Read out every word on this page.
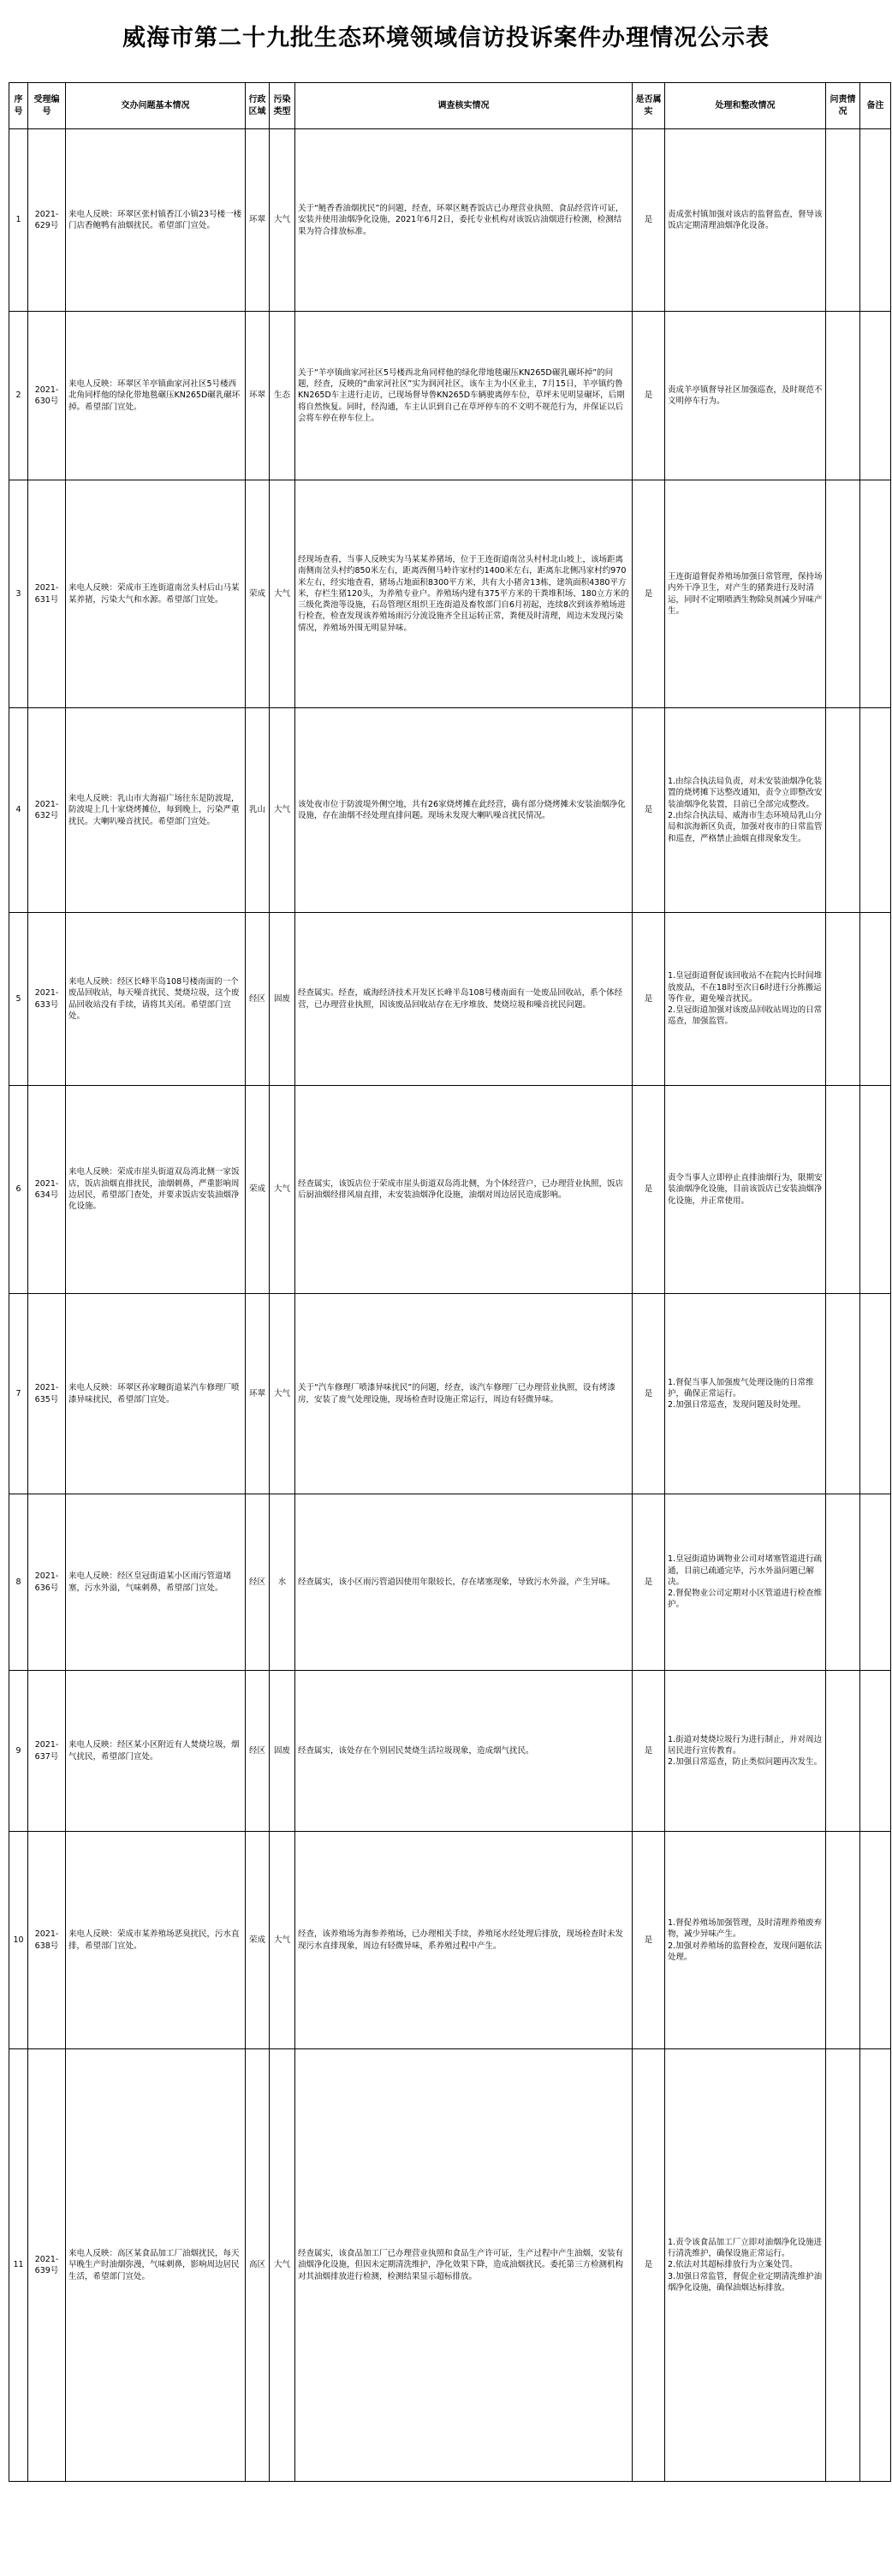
威海市第二十九批生态环境领域信访投诉案件办理情况公示表
序号	受理编号	交办问题基本情况	行政区域	污染类型	调查核实情况	是否属实	处理和整改情况	问责情况	备注
1	2021-629号	来电人反映：环翠区张村镇香江小镇23号楼一楼门店香鲍鸭有油烟扰民。希望部门宣处。	环翠	大气	关于“鲢香香油烟扰民”的问题，经查，环翠区鲢香饭店已办理营业执照、食品经营许可证，安装并使用油烟净化设施，2021年6月2日，委托专业机构对该饭店油烟进行检测，检测结果为符合排放标准。	是	责成张村镇加强对该店的监督监查，督导该饭店定期清理油烟净化设备。		
2	2021-630号	来电人反映：环翠区羊亭镇曲家河社区5号楼西北角同样他的绿化带地毯碾压KN265D碾乳碾坏掉。希望部门宣处。	环翠	生态	关于“羊亭镇曲家河社区5号楼西北角同样他的绿化带地毯碾压KN265D碾乳碾坏掉”的问题，经查，反映的“曲家河社区”实为润河社区，该车主为小区业主，7月15日，羊亭镇约鲁KN265D车主进行走访，已现场督导鲁KN265D车辆驶离停车位，草坪未见明显碾坏，后期将自然恢复。同时，经沟通，车主认识到自己在草坪停车的不文明不规范行为，并保证以后会将车停在停车位上。	是	责成羊亭镇督导社区加强巡查，及时规范不文明停车行为。		
3	2021-631号	来电人反映：荣成市王连街道南岔头村后山马某某养猪，污染大气和水源。希望部门宣处。	荣成	大气	经现场查看，当事人反映实为马某某养猪场，位于王连街道南岔头村村北山坡上，该场距离南侧南岔头村约850米左右，距离西侧马岭许家村约1400米左右，距离东北侧冯家村约970米左右，经实地查看，猪场占地面积8300平方米，共有大小猪舍13栋，建筑面积4380平方米，存栏生猪120头，为养殖专业户。养殖场内建有375平方米的干粪堆积场、180立方米的三级化粪池等设施，石岛管理区组织王连街道及畜牧部门自6月初起，连续8次到该养殖场进行检查，检查发现该养殖场雨污分流设施齐全且运转正常，粪便及时清理，周边未发现污染情况，养殖场外围无明显异味。	是	王连街道督促养殖场加强日常管理，保持场内外干净卫生，对产生的猪粪进行及时清运，同时不定期喷洒生物除臭剂减少异味产生。		
4	2021-632号	来电人反映：乳山市大海福广场往东是防波堤，防波堤上几十家烧烤摊位，每到晚上，污染严重扰民。大喇叭噪音扰民。希望部门宣处。	乳山	大气	该处夜市位于防波堤外侧空地，共有26家烧烤摊在此经营，确有部分烧烤摊未安装油烟净化设施，存在油烟不经处理直排问题。现场未发现大喇叭噪音扰民情况。	是	1.由综合执法局负责，对未安装油烟净化装置的烧烤摊下达整改通知，责令立即整改安装油烟净化装置，目前已全部完成整改。
2.由综合执法局、威海市生态环境局乳山分局和滨海新区负责，加强对夜市的日常监管和巡查，严格禁止油烟直排现象发生。		
5	2021-633号	来电人反映：经区长峰半岛108号楼南面的一个废品回收站，每天噪音扰民、焚烧垃圾，这个废品回收站没有手续，请将其关闭。希望部门宣处。	经区	固废	经查属实。经查，威海经济技术开发区长峰半岛108号楼南面有一处废品回收站，系个体经营，已办理营业执照，因该废品回收站存在无序堆放、焚烧垃圾和噪音扰民问题。	是	1.皇冠街道督促该回收站不在院内长时间堆放废品，不在18时至次日6时进行分拣搬运等作业，避免噪音扰民。
2.皇冠街道加强对该废品回收站周边的日常巡查，加强监管。		
6	2021-634号	来电人反映：荣成市崖头街道双岛湾北侧一家饭店，饭店油烟直排扰民，油烟刺鼻，严重影响周边居民，希望部门查处，并要求饭店安装油烟净化设施。	荣成	大气	经查属实，该饭店位于荣成市崖头街道双岛湾北侧，为个体经营户，已办理营业执照，饭店后厨油烟经排风扇直排，未安装油烟净化设施，油烟对周边居民造成影响。	是	责令当事人立即停止直排油烟行为，限期安装油烟净化设施，目前该饭店已安装油烟净化设施，并正常使用。		
7	2021-635号	来电人反映：环翠区孙家疃街道某汽车修理厂喷漆异味扰民，希望部门宣处。	环翠	大气	关于“汽车修理厂喷漆异味扰民”的问题，经查，该汽车修理厂已办理营业执照，设有烤漆房，安装了废气处理设施，现场检查时设施正常运行，周边有轻微异味。	是	1.督促当事人加强废气处理设施的日常维护，确保正常运行。
2.加强日常巡查，发现问题及时处理。		
8	2021-636号	来电人反映：经区皇冠街道某小区雨污管道堵塞，污水外溢，气味刺鼻，希望部门宣处。	经区	水	经查属实，该小区雨污管道因使用年限较长，存在堵塞现象，导致污水外溢，产生异味。	是	1.皇冠街道协调物业公司对堵塞管道进行疏通，目前已疏通完毕，污水外溢问题已解决。
2.督促物业公司定期对小区管道进行检查维护。		
9	2021-637号	来电人反映：经区某小区附近有人焚烧垃圾，烟气扰民，希望部门宣处。	经区	固废	经查属实，该处存在个别居民焚烧生活垃圾现象，造成烟气扰民。	是	1.街道对焚烧垃圾行为进行制止，并对周边居民进行宣传教育。
2.加强日常巡查，防止类似问题再次发生。		
10	2021-638号	来电人反映：荣成市某养殖场恶臭扰民，污水直排，希望部门宣处。	荣成	大气	经查，该养殖场为海参养殖场，已办理相关手续，养殖尾水经处理后排放，现场检查时未发现污水直排现象，周边有轻微异味，系养殖过程中产生。	是	1.督促养殖场加强管理，及时清理养殖废弃物，减少异味产生。
2.加强对养殖场的监督检查，发现问题依法处理。		
11	2021-639号	来电人反映：高区某食品加工厂油烟扰民，每天早晚生产时油烟弥漫，气味刺鼻，影响周边居民生活，希望部门宣处。	高区	大气	经查属实，该食品加工厂已办理营业执照和食品生产许可证，生产过程中产生油烟，安装有油烟净化设施，但因未定期清洗维护，净化效果下降，造成油烟扰民。委托第三方检测机构对其油烟排放进行检测，检测结果显示超标排放。	是	1.责令该食品加工厂立即对油烟净化设施进行清洗维护，确保设施正常运行。
2.依法对其超标排放行为立案处罚。
3.加强日常监管，督促企业定期清洗维护油烟净化设施，确保油烟达标排放。		
